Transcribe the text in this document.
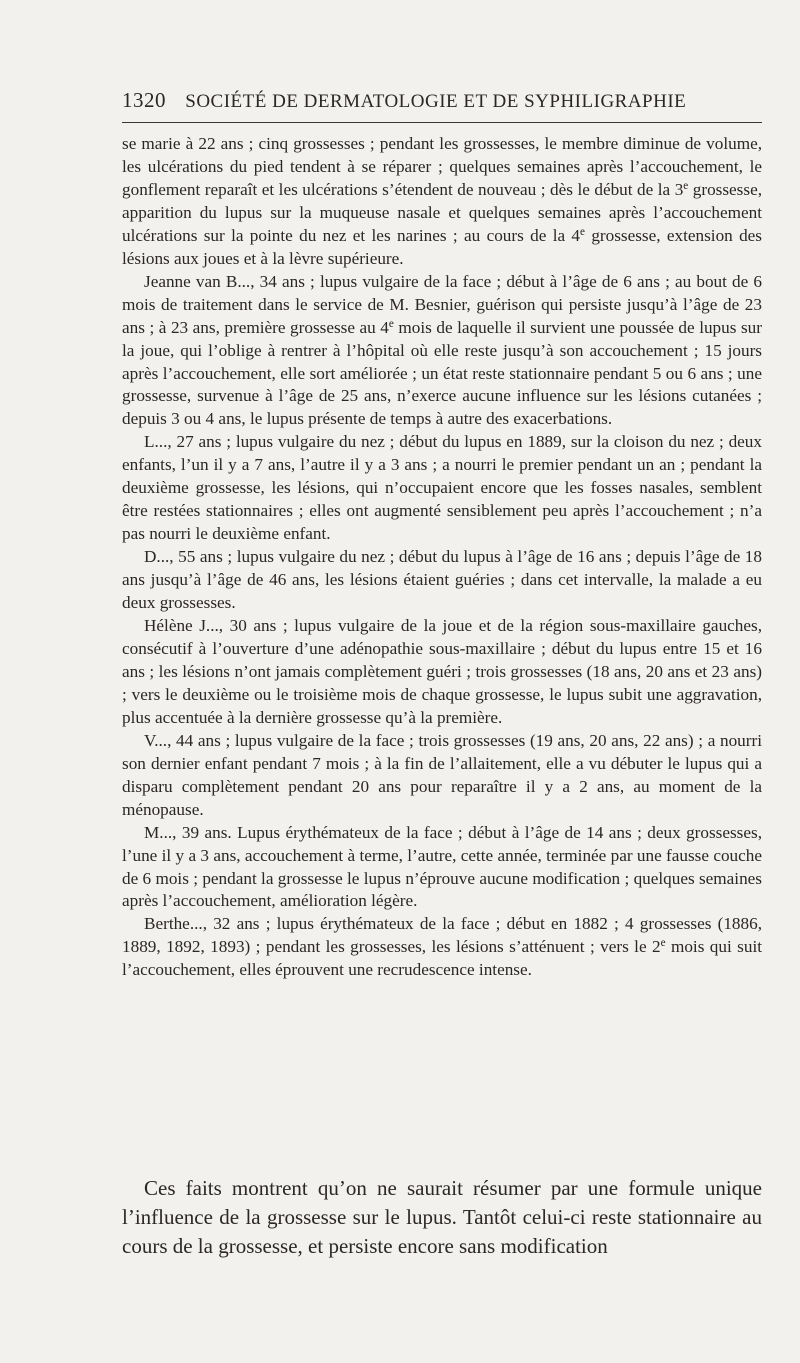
1320 SOCIÉTÉ DE DERMATOLOGIE ET DE SYPHILIGRAPHIE

se marie à 22 ans ; cinq grossesses ; pendant les grossesses, le membre diminue de volume, les ulcérations du pied tendent à se réparer ; quelques semaines après l’accouchement, le gonflement reparaît et les ulcérations s’étendent de nouveau ; dès le début de la 3e grossesse, apparition du lupus sur la muqueuse nasale et quelques semaines après l’accouchement ulcérations sur la pointe du nez et les narines ; au cours de la 4e grossesse, extension des lésions aux joues et à la lèvre supérieure.

Jeanne van B..., 34 ans ; lupus vulgaire de la face ; début à l’âge de 6 ans ; au bout de 6 mois de traitement dans le service de M. Besnier, guérison qui persiste jusqu’à l’âge de 23 ans ; à 23 ans, première grossesse au 4e mois de laquelle il survient une poussée de lupus sur la joue, qui l’oblige à rentrer à l’hôpital où elle reste jusqu’à son accouchement ; 15 jours après l’accouchement, elle sort améliorée ; un état reste stationnaire pendant 5 ou 6 ans ; une grossesse, survenue à l’âge de 25 ans, n’exerce aucune influence sur les lésions cutanées ; depuis 3 ou 4 ans, le lupus présente de temps à autre des exacerbations.

L..., 27 ans ; lupus vulgaire du nez ; début du lupus en 1889, sur la cloison du nez ; deux enfants, l’un il y a 7 ans, l’autre il y a 3 ans ; a nourri le premier pendant un an ; pendant la deuxième grossesse, les lésions, qui n’occupaient encore que les fosses nasales, semblent être restées stationnaires ; elles ont augmenté sensiblement peu après l’accouchement ; n’a pas nourri le deuxième enfant.

D..., 55 ans ; lupus vulgaire du nez ; début du lupus à l’âge de 16 ans ; depuis l’âge de 18 ans jusqu’à l’âge de 46 ans, les lésions étaient guéries ; dans cet intervalle, la malade a eu deux grossesses.

Hélène J..., 30 ans ; lupus vulgaire de la joue et de la région sous-maxillaire gauches, consécutif à l’ouverture d’une adénopathie sous-maxillaire ; début du lupus entre 15 et 16 ans ; les lésions n’ont jamais complètement guéri ; trois grossesses (18 ans, 20 ans et 23 ans) ; vers le deuxième ou le troisième mois de chaque grossesse, le lupus subit une aggravation, plus accentuée à la dernière grossesse qu’à la première.

V..., 44 ans ; lupus vulgaire de la face ; trois grossesses (19 ans, 20 ans, 22 ans) ; a nourri son dernier enfant pendant 7 mois ; à la fin de l’allaitement, elle a vu débuter le lupus qui a disparu complètement pendant 20 ans pour reparaître il y a 2 ans, au moment de la ménopause.

M..., 39 ans. Lupus érythémateux de la face ; début à l’âge de 14 ans ; deux grossesses, l’une il y a 3 ans, accouchement à terme, l’autre, cette année, terminée par une fausse couche de 6 mois ; pendant la grossesse le lupus n’éprouve aucune modification ; quelques semaines après l’accouchement, amélioration légère.

Berthe..., 32 ans ; lupus érythémateux de la face ; début en 1882 ; 4 grossesses (1886, 1889, 1892, 1893) ; pendant les grossesses, les lésions s’atténuent ; vers le 2e mois qui suit l’accouchement, elles éprouvent une recrudescence intense.

Ces faits montrent qu’on ne saurait résumer par une formule unique l’influence de la grossesse sur le lupus. Tantôt celui-ci reste stationnaire au cours de la grossesse, et persiste encore sans modification
